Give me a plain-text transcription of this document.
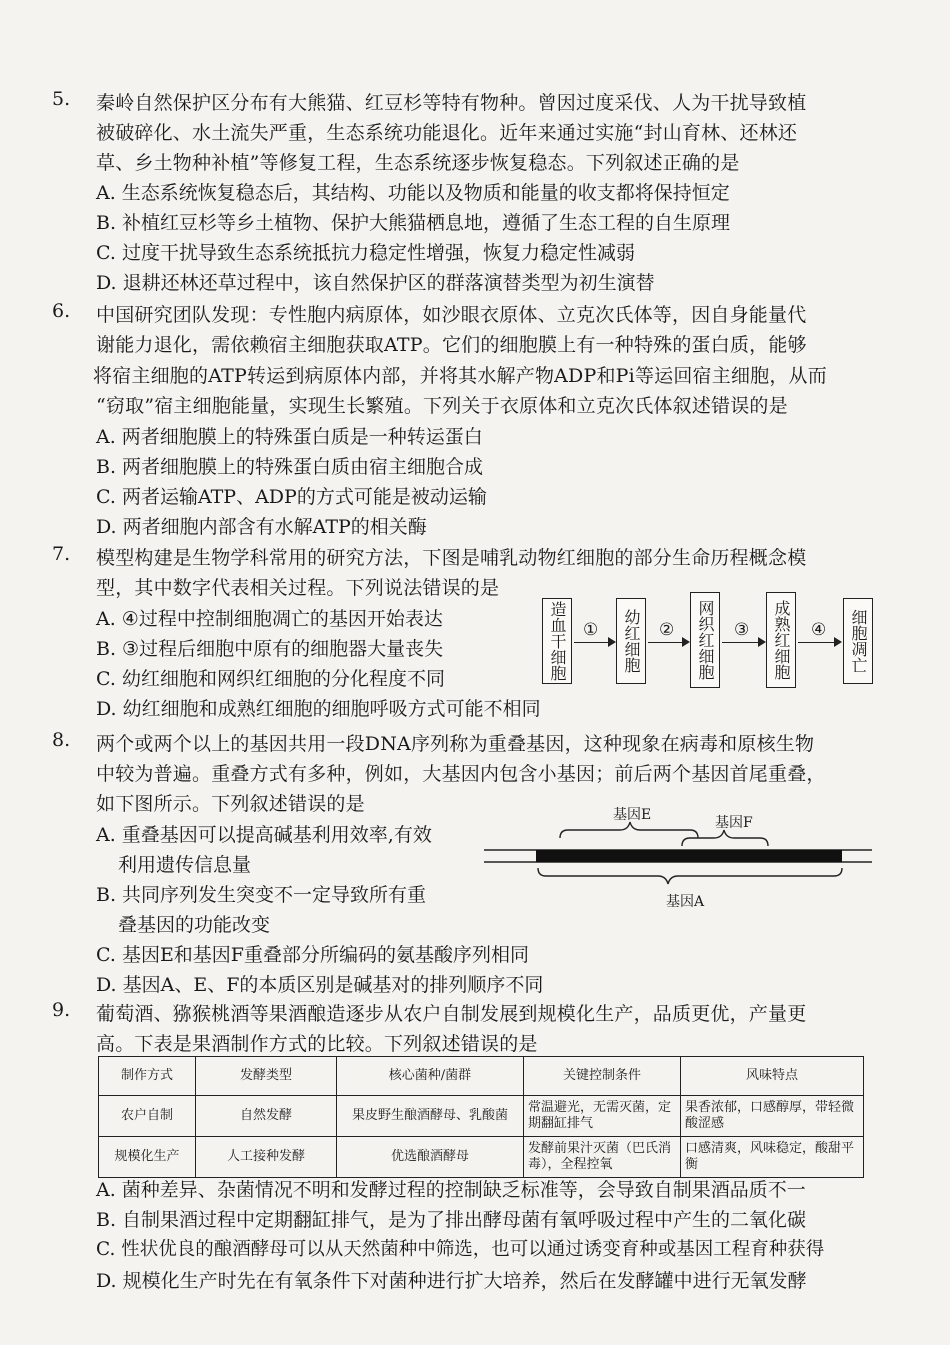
5. 秦岭自然保护区分布有大熊猫、红豆杉等特有物种。曾因过度采伐、人为干扰导致植
被破碎化、水土流失严重，生态系统功能退化。近年来通过实施“封山育林、还林还
草、乡土物种补植”等修复工程，生态系统逐步恢复稳态。下列叙述正确的是
A. 生态系统恢复稳态后，其结构、功能以及物质和能量的收支都将保持恒定
B. 补植红豆杉等乡土植物、保护大熊猫栖息地，遵循了生态工程的自生原理
C. 过度干扰导致生态系统抵抗力稳定性增强，恢复力稳定性减弱
D. 退耕还林还草过程中，该自然保护区的群落演替类型为初生演替
6. 中国研究团队发现：专性胞内病原体，如沙眼衣原体、立克次氏体等，因自身能量代
谢能力退化，需依赖宿主细胞获取ATP。它们的细胞膜上有一种特殊的蛋白质，能够
将宿主细胞的ATP转运到病原体内部，并将其水解产物ADP和Pi等运回宿主细胞，从而
“窃取”宿主细胞能量，实现生长繁殖。下列关于衣原体和立克次氏体叙述错误的是
A. 两者细胞膜上的特殊蛋白质是一种转运蛋白
B. 两者细胞膜上的特殊蛋白质由宿主细胞合成
C. 两者运输ATP、ADP的方式可能是被动运输
D. 两者细胞内部含有水解ATP的相关酶
7. 模型构建是生物学科常用的研究方法，下图是哺乳动物红细胞的部分生命历程概念模
型，其中数字代表相关过程。下列说法错误的是
A. ④过程中控制细胞凋亡的基因开始表达
B. ③过程后细胞中原有的细胞器大量丧失
C. 幼红细胞和网织红细胞的分化程度不同
D. 幼红细胞和成熟红细胞的细胞呼吸方式可能不相同
造血干细胞 ①	幼红细胞 ②	网织红细胞 ③	成熟红细胞 ④	细胞凋亡
8. 两个或两个以上的基因共用一段DNA序列称为重叠基因，这种现象在病毒和原核生物
中较为普遍。重叠方式有多种，例如，大基因内包含小基因；前后两个基因首尾重叠，
如下图所示。下列叙述错误的是
A. 重叠基因可以提高碱基利用效率,有效
利用遗传信息量
B. 共同序列发生突变不一定导致所有重
叠基因的功能改变
C. 基因E和基因F重叠部分所编码的氨基酸序列相同
D. 基因A、E、F的本质区别是碱基对的排列顺序不同
基因E	基因F
基因A
9. 葡萄酒、猕猴桃酒等果酒酿造逐步从农户自制发展到规模化生产，品质更优，产量更
高。下表是果酒制作方式的比较。下列叙述错误的是
制作方式	发酵类型	核心菌种/菌群	关键控制条件	风味特点
农户自制	自然发酵	果皮野生酿酒酵母、乳酸菌	常温避光，无需灭菌，定期翻缸排气	果香浓郁，口感醇厚，带轻微酸涩感
规模化生产	人工接种发酵	优选酿酒酵母	发酵前果汁灭菌（巴氏消毒），全程控氧	口感清爽，风味稳定，酸甜平衡
A. 菌种差异、杂菌情况不明和发酵过程的控制缺乏标准等，会导致自制果酒品质不一
B. 自制果酒过程中定期翻缸排气，是为了排出酵母菌有氧呼吸过程中产生的二氧化碳
C. 性状优良的酿酒酵母可以从天然菌种中筛选，也可以通过诱变育种或基因工程育种获得
D. 规模化生产时先在有氧条件下对菌种进行扩大培养，然后在发酵罐中进行无氧发酵
